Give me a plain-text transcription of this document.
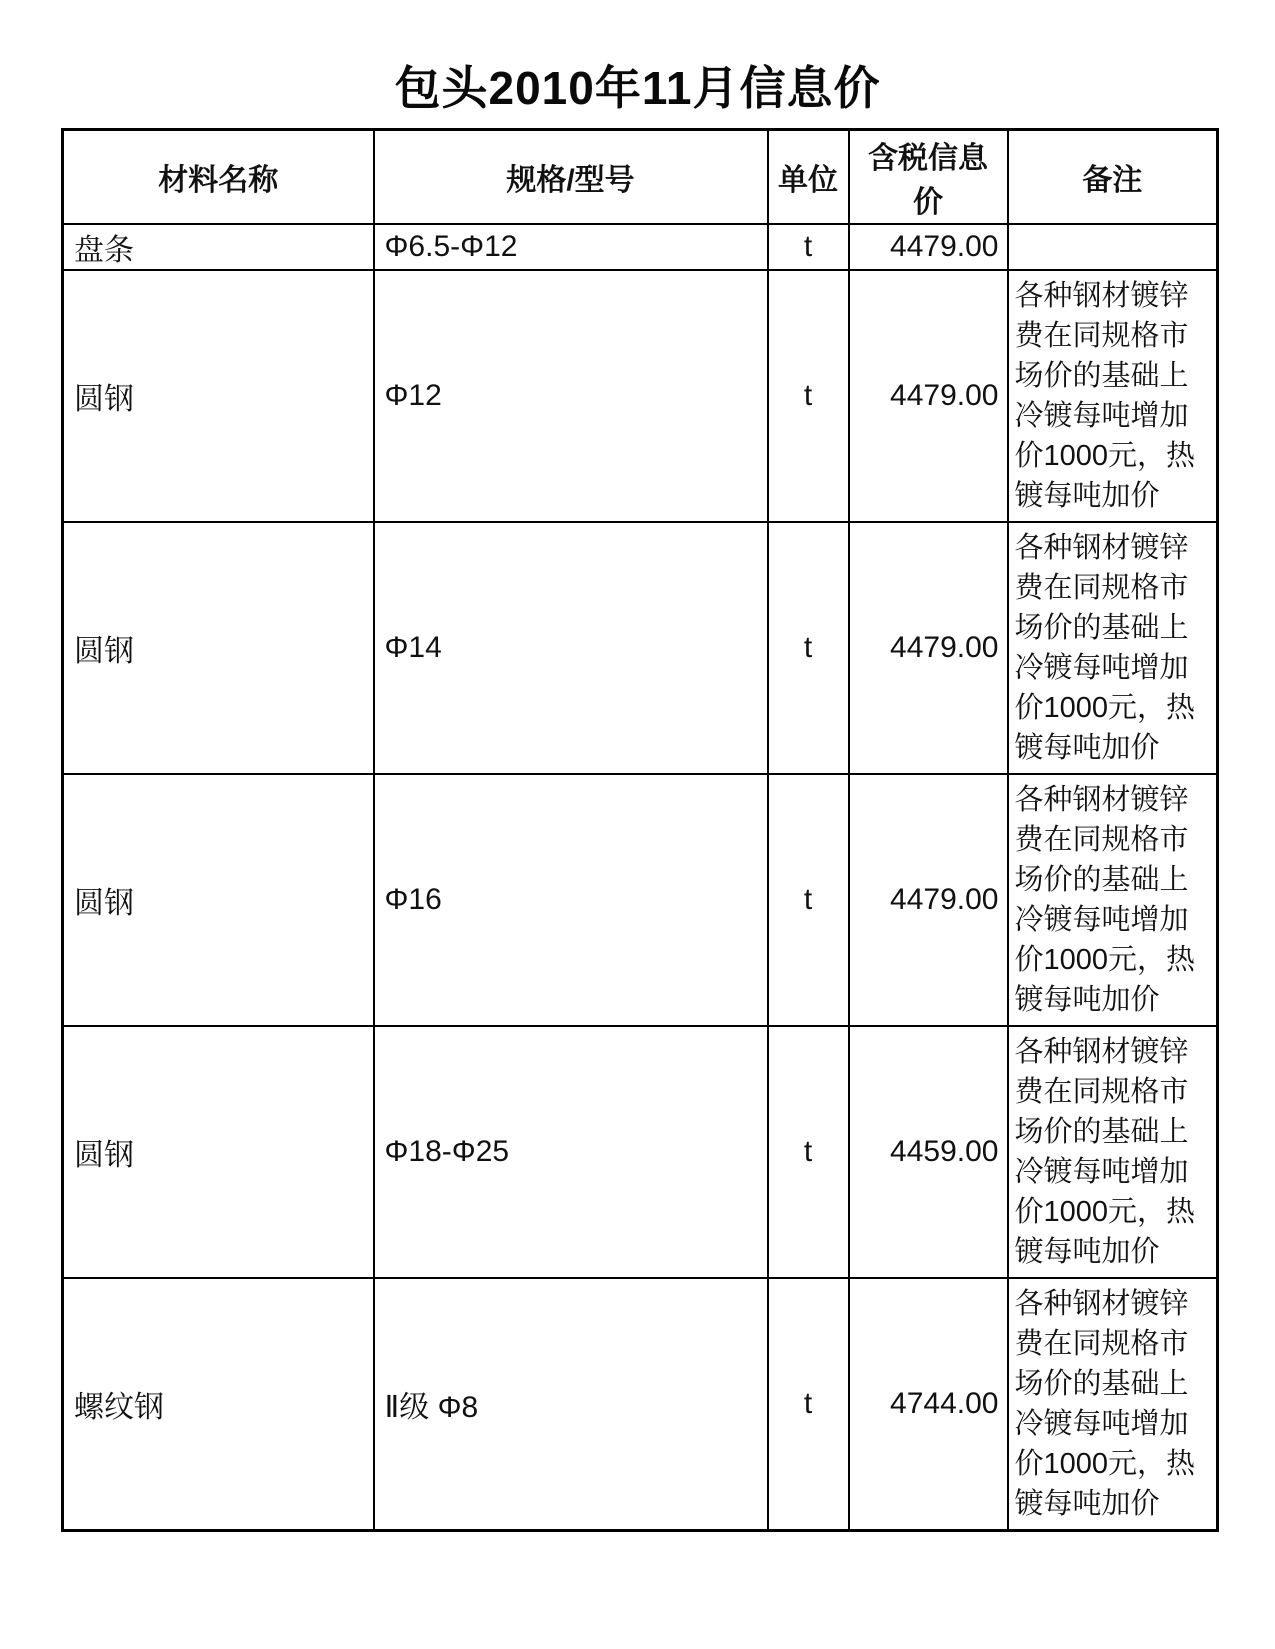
包头2010年11月信息价
材料名称	规格/型号	单位	含税信息价	备注
盘条	Φ6.5-Φ12	t	4479.00	
圆钢	Φ12	t	4479.00	各种钢材镀锌费在同规格市场价的基础上冷镀每吨增加价1000元，热镀每吨加价
圆钢	Φ14	t	4479.00	各种钢材镀锌费在同规格市场价的基础上冷镀每吨增加价1000元，热镀每吨加价
圆钢	Φ16	t	4479.00	各种钢材镀锌费在同规格市场价的基础上冷镀每吨增加价1000元，热镀每吨加价
圆钢	Φ18-Φ25	t	4459.00	各种钢材镀锌费在同规格市场价的基础上冷镀每吨增加价1000元，热镀每吨加价
螺纹钢	Ⅱ级 Φ8	t	4744.00	各种钢材镀锌费在同规格市场价的基础上冷镀每吨增加价1000元，热镀每吨加价
